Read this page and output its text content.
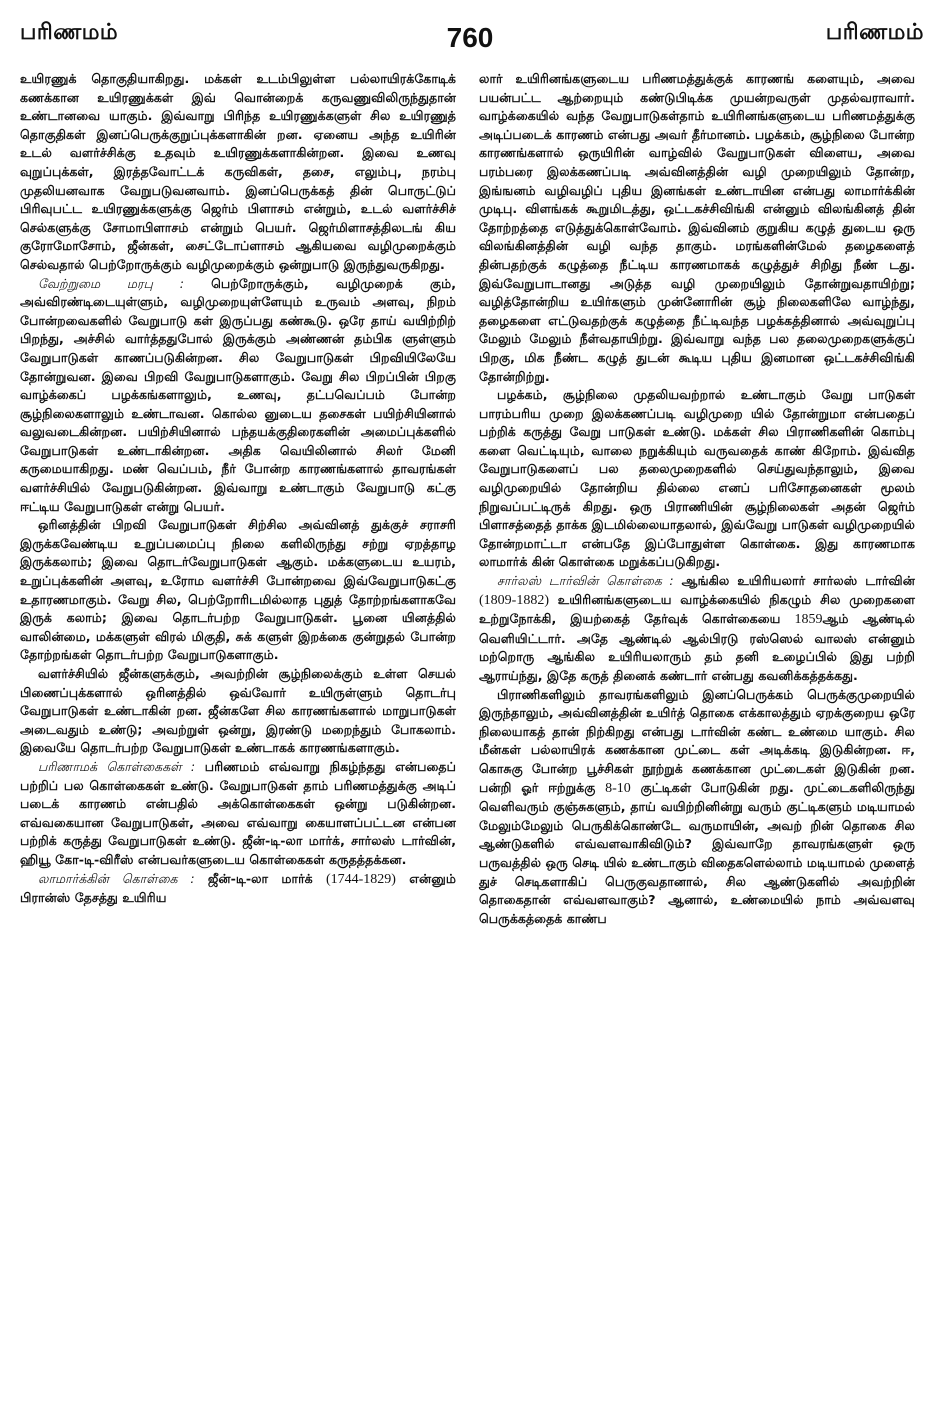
பரிணமம்	760	பரிணமம்

உயிரணுக் தொகுதியாகிறது. மக்கள் உடம்பிலுள்ள பல்லாயிரக்கோடிக் கணக்கான உயிரணுக்கள் இவ் வொன்றைக் கருவணுவிலிருந்துதான் உண்டானவை யாகும். இவ்வாறு பிரிந்த உயிரணுக்களுள் சில உயிரணுத் தொகுதிகள் இனப்பெருக்குறுப்புக்களாகின் றன. ஏனைய அந்த உயிரின் உடல் வளர்ச்சிக்கு உதவும் உயிரணுக்களாகின்றன. இவை உணவு வுறுப்புக்கள், இரத்தவோட்டக் கருவிகள், தசை, எலும்பு, நரம்பு முதலியனவாக வேறுபடுவனவாம். இனப்பெருக்கத் தின் பொருட்டுப் பிரிவுபட்ட உயிரணுக்களுக்கு ஜெர்ம் பிளாசம் என்றும், உடல் வளர்ச்சிச் செல்களுக்கு சோமாபிளாசம் என்றும் பெயர். ஜெர்மிளாசத்திலடங் கிய குரோமோசோம், ஜீன்கள், சைட்டோப்ளாசம் ஆகியவை வழிமுறைக்கும் செல்வதால் பெற்றோருக்கும் வழிமுறைக்கும் ஒன்றுபாடு இருந்துவருகிறது.

வேற்றுமை மரபு : பெற்றோருக்கும், வழிமுறைக் கும், அவ்விரண்டிடையுள்ளும், வழிமுறையுள்ளேயும் உருவம் அளவு, நிறம் போன்றவைகளில் வேறுபாடு கள் இருப்பது கண்கூடு. ஒரே தாய் வயிற்றிற் பிறந்து, அச்சில் வார்த்ததுபோல் இருக்கும் அண்ணன் தம்பிக ளுள்ளும் வேறுபாடுகள் காணப்படுகின்றன. சில வேறுபாடுகள் பிறவியிலேயே தோன்றுவன. இவை பிறவி வேறுபாடுகளாகும். வேறு சில பிறப்பின் பிறகு வாழ்க்கைப் பழக்கங்களாலும், உணவு, தட்பவெப்பம் போன்ற சூழ்நிலைகளாலும் உண்டாவன. கொல்ல னுடைய தசைகள் பயிற்சியினால் வலுவடைகின்றன. பயிற்சியினால் பந்தயக்குதிரைகளின் அமைப்புக்களில் வேறுபாடுகள் உண்டாகின்றன. அதிக வெயிலினால் சிலர் மேனி கருமையாகிறது. மண் வெப்பம், நீர் போன்ற காரணங்களால் தாவரங்கள் வளர்ச்சியில் வேறுபடுகின்றன. இவ்வாறு உண்டாகும் வேறுபாடு கட்கு ஈட்டிய வேறுபாடுகள் என்று பெயர்.

ஒரினத்தின் பிறவி வேறுபாடுகள் சிற்சில அவ்வினத் துக்குச் சராசரி இருக்கவேண்டிய உறுப்பமைப்பு நிலை களிலிருந்து சற்று ஏறத்தாழ இருக்கலாம்; இவை தொடர்வேறுபாடுகள் ஆகும். மக்களுடைய உயரம், உறுப்புக்களின் அளவு, உரோம வளர்ச்சி போன்றவை இவ்வேறுபாடுகட்கு உதாரணமாகும். வேறு சில, பெற்றோரிடமில்லாத புதுத் தோற்றங்களாகவே இருக் கலாம்; இவை தொடர்பற்ற வேறுபாடுகள். பூனை யினத்தில் வாலின்மை, மக்களுள் விரல் மிகுதி, சுக் களுள் இறக்கை குன்றுதல் போன்ற தோற்றங்கள் தொடர்பற்ற வேறுபாடுகளாகும்.

வளர்ச்சியில் ஜீன்களுக்கும், அவற்றின் சூழ்நிலைக்கும் உள்ள செயல் பிணைப்புக்களால் ஒரினத்தில் ஒவ்வோர் உயிருள்ளும் தொடர்பு வேறுபாடுகள் உண்டாகின் றன. ஜீன்களே சில காரணங்களால் மாறுபாடுகள் அடைவதும் உண்டு; அவற்றுள் ஒன்று, இரண்டு மறைந்தும் போகலாம். இவையே தொடர்பற்ற வேறுபாடுகள் உண்டாகக் காரணங்களாகும்.

பரிணாமக் கொள்கைகள் : பரிணமம் எவ்வாறு நிகழ்ந்தது என்பதைப் பற்றிப் பல கொள்கைகள் உண்டு. வேறுபாடுகள் தாம் பரிணமத்துக்கு அடிப் படைக் காரணம் என்பதில் அக்கொள்கைகள் ஒன்று படுகின்றன. எவ்வகையான வேறுபாடுகள், அவை எவ்வாறு கையாளப்பட்டன என்பன பற்றிக் கருத்து வேறுபாடுகள் உண்டு. ஜீன்-டி-லா மார்க், சார்லஸ் டார்வின், ஹியூ கோ-டி-விரீஸ் என்பவர்களுடைய கொள்கைகள் கருதத்தக்கன.

லாமார்க்கின் கொள்கை : ஜீன்-டி-லா மார்க் (1744-1829) என்னும் பிரான்ஸ் தேசத்து உயிரிய

லார் உயிரினங்களுடைய பரிணமத்துக்குக் காரணங் களையும், அவை பயன்பட்ட ஆற்றையும் கண்டுபிடிக்க முயன்றவருள் முதல்வராவார். வாழ்க்கையில் வந்த வேறுபாடுகள்தாம் உயிரினங்களுடைய பரிணமத்துக்கு அடிப்படைக் காரணம் என்பது அவர் தீர்மானம். பழக்கம், சூழ்நிலை போன்ற காரணங்களால் ஒருயிரின் வாழ்வில் வேறுபாடுகள் விளைய, அவை பரம்பரை இலக்கணப்படி அவ்வினத்தின் வழி முறையிலும் தோன்ற, இங்ஙனம் வழிவழிப் புதிய இனங்கள் உண்டாயின என்பது லாமார்க்கின் முடிபு. விளங்கக் கூறுமிடத்து, ஒட்டகச்சிவிங்கி என்னும் விலங்கினத் தின் தோற்றத்தை எடுத்துக்கொள்வோம். இவ்வினம் குறுகிய கழுத் துடைய ஒரு விலங்கினத்தின் வழி வந்த தாகும். மரங்களின்மேல் தழைகளைத் தின்பதற்குக் கழுத்தை நீட்டிய காரணமாகக் கழுத்துச் சிறிது நீண் டது. இவ்வேறுபாடானது அடுத்த வழி முறையிலும் தோன்றுவதாயிற்று; வழித்தோன்றிய உயிர்களும் முன்னோரின் சூழ் நிலைகளிலே வாழ்ந்து, தழைகளை எட்டுவதற்குக் கழுத்தை நீட்டிவந்த பழக்கத்தினால் அவ்வுறுப்பு மேலும் மேலும் நீள்வதாயிற்று. இவ்வாறு வந்த பல தலைமுறைகளுக்குப் பிறகு, மிக நீண்ட கழுத் துடன் கூடிய புதிய இனமான ஒட்டகச்சிவிங்கி தோன்றிற்று.

பழக்கம், சூழ்நிலை முதலியவற்றால் உண்டாகும் வேறு பாடுகள் பாரம்பரிய முறை இலக்கணப்படி வழிமுறை யில் தோன்றுமா என்பதைப் பற்றிக் கருத்து வேறு பாடுகள் உண்டு. மக்கள் சில பிராணிகளின் கொம்பு களை வெட்டியும், வாலை நறுக்கியும் வருவதைக் காண் கிறோம். இவ்வித வேறுபாடுகளைப் பல தலைமுறைகளில் செய்துவந்தாலும், இவை வழிமுறையில் தோன்றிய தில்லை எனப் பரிசோதனைகள் மூலம் நிறுவப்பட்டிருக் கிறது. ஒரு பிராணியின் சூழ்நிலைகள் அதன் ஜெர்ம் பிளாசத்தைத் தாக்க இடமில்லையாதலால், இவ்வேறு பாடுகள் வழிமுறையில் தோன்றமாட்டா என்பதே இப்போதுள்ள கொள்கை. இது காரணமாக லாமார்க் கின் கொள்கை மறுக்கப்படுகிறது.

சார்லஸ் டார்வின் கொள்கை : ஆங்கில உயிரியலார் சார்லஸ் டார்வின் (1809-1882) உயிரினங்களுடைய வாழ்க்கையில் நிகழும் சில முறைகளை உற்றுநோக்கி, இயற்கைத் தேர்வுக் கொள்கையை 1859ஆம் ஆண்டில் வெளியிட்டார். அதே ஆண்டில் ஆல்பிரடு ரஸ்ஸெல் வாலஸ் என்னும் மற்றொரு ஆங்கில உயிரியலாரும் தம் தனி உழைப்பில் இது பற்றி ஆராய்ந்து, இதே கருத் தினைக் கண்டார் என்பது கவனிக்கத்தக்கது.

பிராணிகளிலும் தாவரங்களிலும் இனப்பெருக்கம் பெருக்குமுறையில் இருந்தாலும், அவ்வினத்தின் உயிர்த் தொகை எக்காலத்தும் ஏறக்குறைய ஒரே நிலையாகத் தான் நிற்கிறது என்பது டார்வின் கண்ட உண்மை யாகும். சில மீன்கள் பல்லாயிரக் கணக்கான முட்டை கள் அடிக்கடி இடுகின்றன. ஈ, கொசுகு போன்ற பூச்சிகள் நூற்றுக் கணக்கான முட்டைகள் இடுகின் றன. பன்றி ஓர் ஈற்றுக்கு 8-10 குட்டிகள் போடுகின் றது. முட்டைகளிலிருந்து வெளிவரும் குஞ்சுகளும், தாய் வயிற்றினின்று வரும் குட்டிகளும் மடியாமல் மேலும்மேலும் பெருகிக்கொண்டே வருமாயின், அவற் றின் தொகை சில ஆண்டுகளில் எவ்வளவாகிவிடும்? இவ்வாறே தாவரங்களுள் ஒரு பருவத்தில் ஒரு செடி யில் உண்டாகும் விதைகளெல்லாம் மடியாமல் முளைத் துச் செடிகளாகிப் பெருகுவதானால், சில ஆண்டுகளில் அவற்றின் தொகைதான் எவ்வளவாகும்? ஆனால், உண்மையில் நாம் அவ்வளவு பெருக்கத்தைக் காண்ப
